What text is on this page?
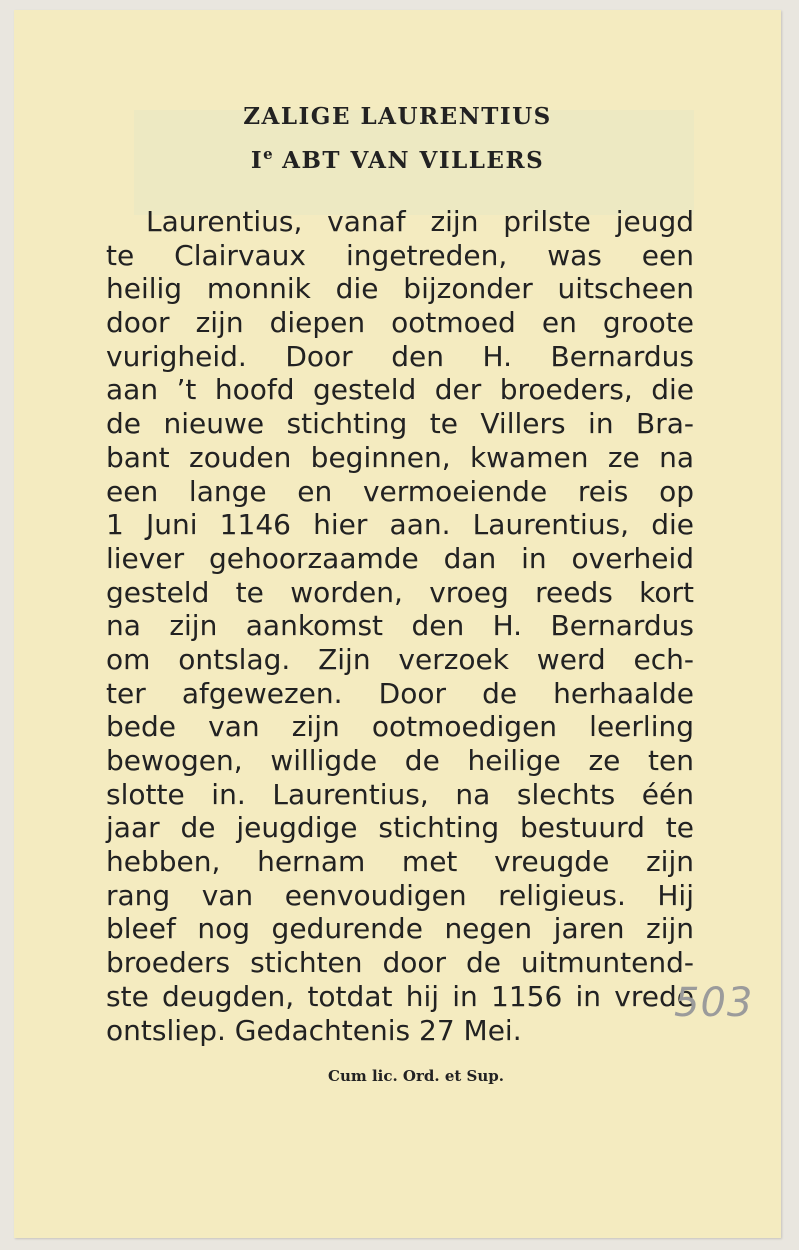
ZALIGE LAURENTIUS
Ie ABT VAN VILLERS
Laurentius, vanaf zijn prilste jeugd
te Clairvaux ingetreden, was een
heilig monnik die bijzonder uitscheen
door zijn diepen ootmoed en groote
vurigheid. Door den H. Bernardus
aan ’t hoofd gesteld der broeders, die
de nieuwe stichting te Villers in Bra-
bant zouden beginnen, kwamen ze na
een lange en vermoeiende reis op
1 Juni 1146 hier aan. Laurentius, die
liever gehoorzaamde dan in overheid
gesteld te worden, vroeg reeds kort
na zijn aankomst den H. Bernardus
om ontslag. Zijn verzoek werd ech-
ter afgewezen. Door de herhaalde
bede van zijn ootmoedigen leerling
bewogen, willigde de heilige ze ten
slotte in. Laurentius, na slechts één
jaar de jeugdige stichting bestuurd te
hebben, hernam met vreugde zijn
rang van eenvoudigen religieus. Hij
bleef nog gedurende negen jaren zijn
broeders stichten door de uitmuntend-
ste deugden, totdat hij in 1156 in vrede
ontsliep. Gedachtenis 27 Mei.
Cum lic. Ord. et Sup.
503
